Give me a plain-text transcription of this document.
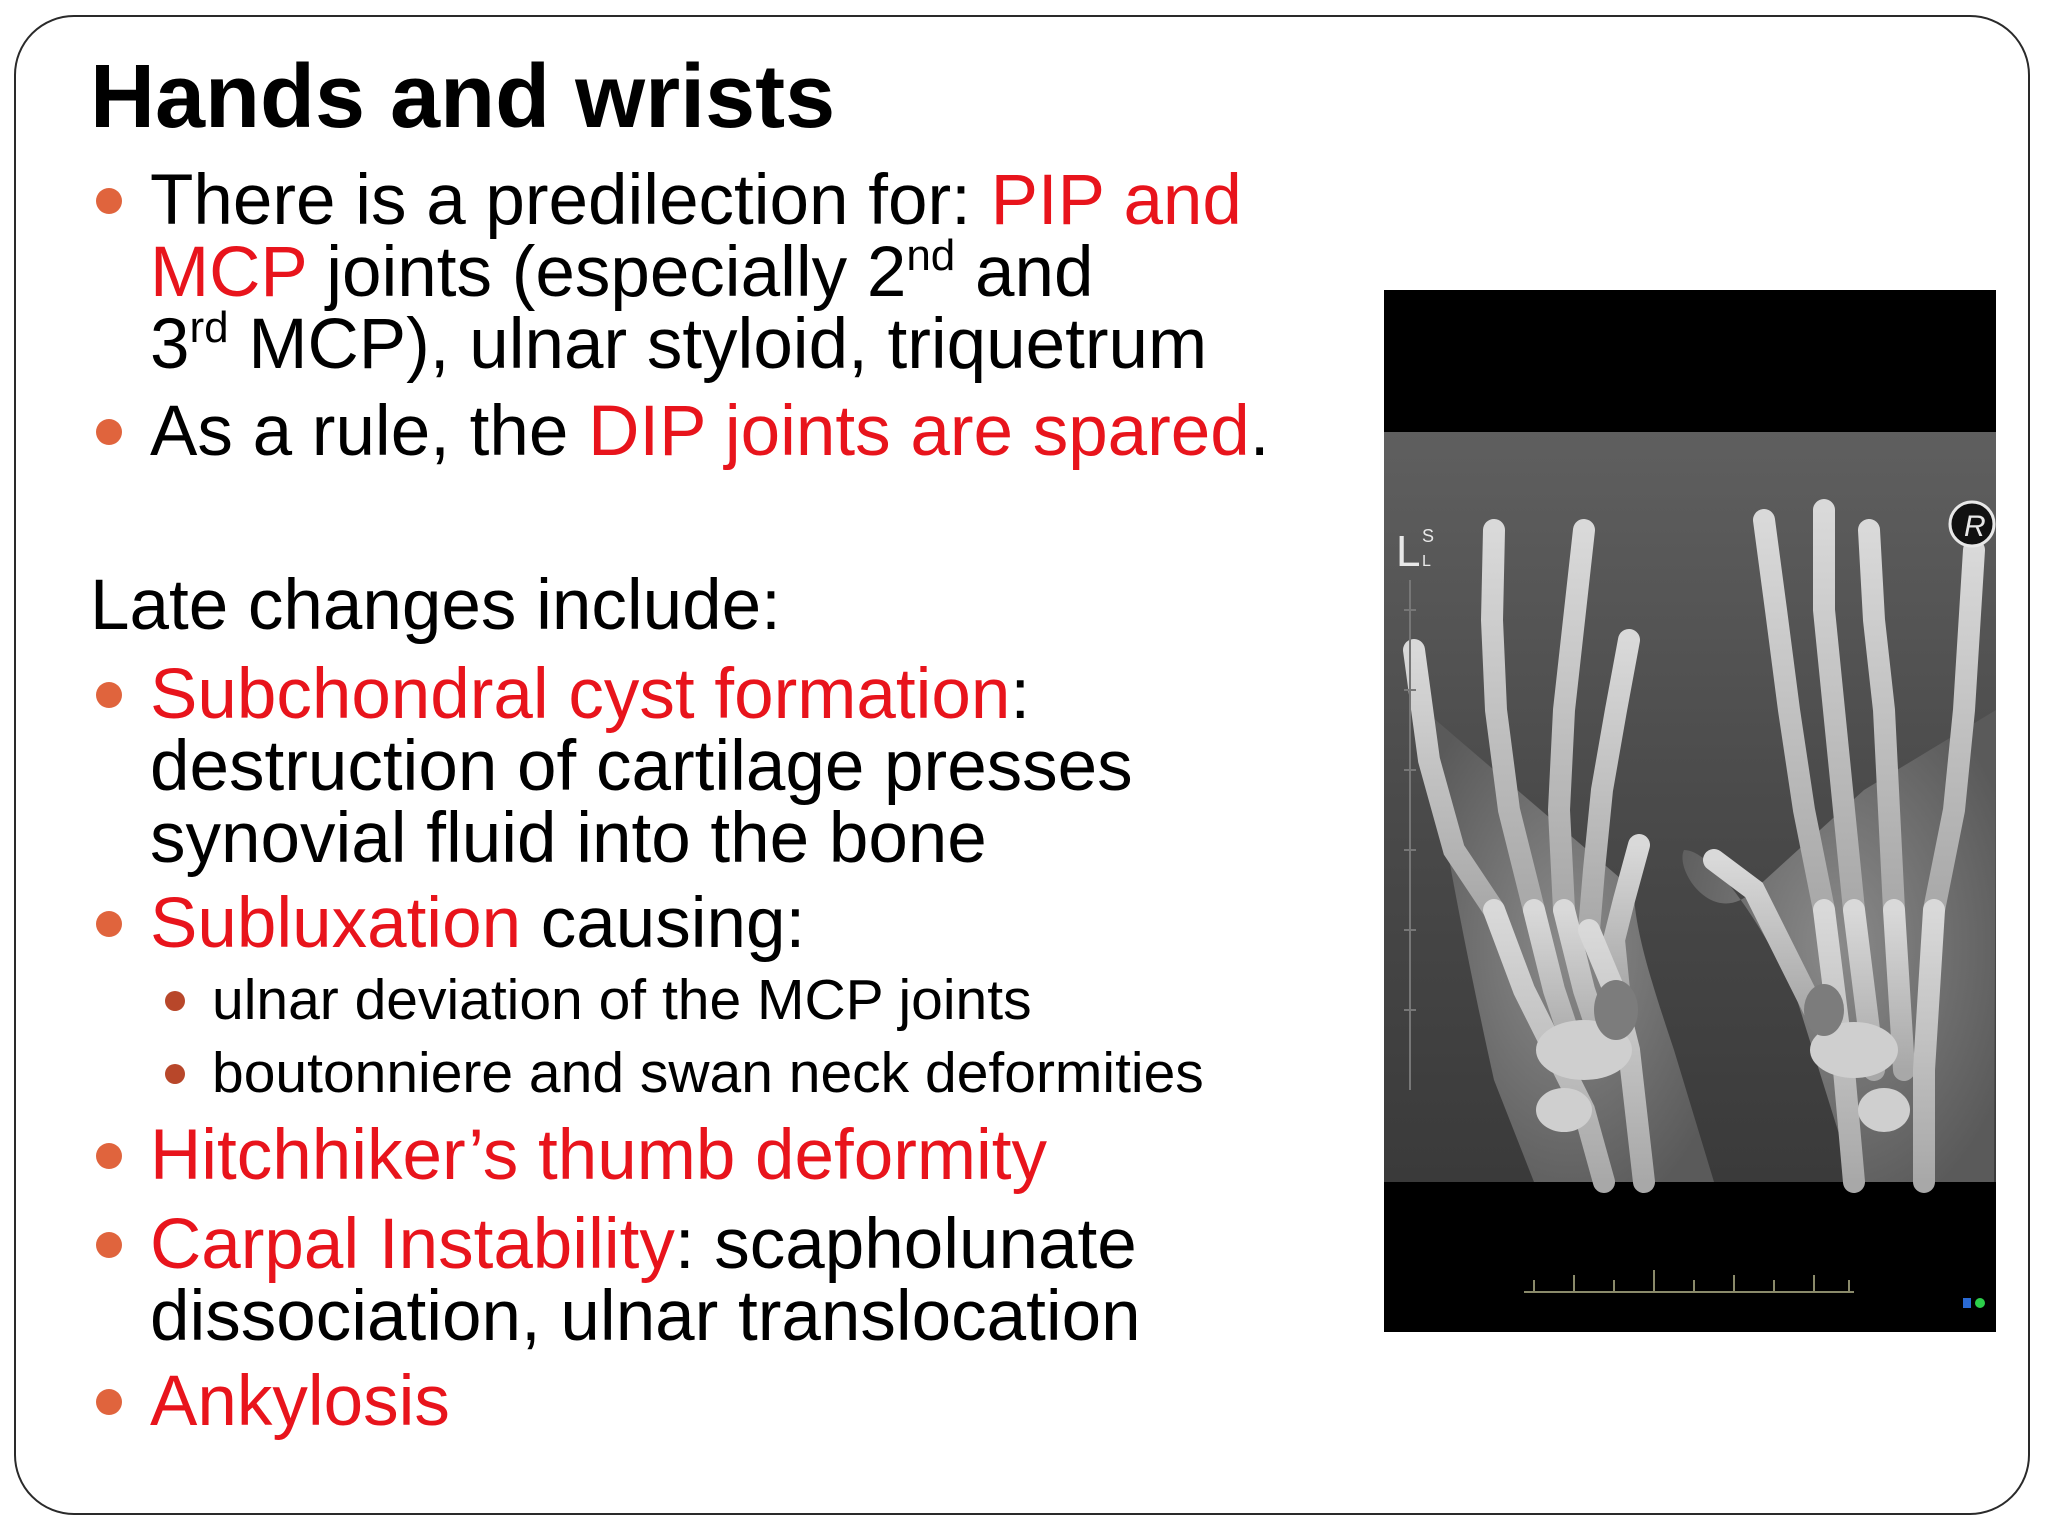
Hands and wrists
There is a predilection for: PIP and
MCP joints (especially 2nd and
3rd MCP), ulnar styloid, triquetrum
As a rule, the DIP joints are spared.
Late changes include:
Subchondral cyst formation:
destruction of cartilage presses
synovial fluid into the bone
Subluxation causing:
ulnar deviation of the MCP joints
boutonniere and swan neck deformities
Hitchhiker’s thumb deformity
Carpal Instability: scapholunate
dissociation, ulnar translocation
Ankylosis
L S
L
R
